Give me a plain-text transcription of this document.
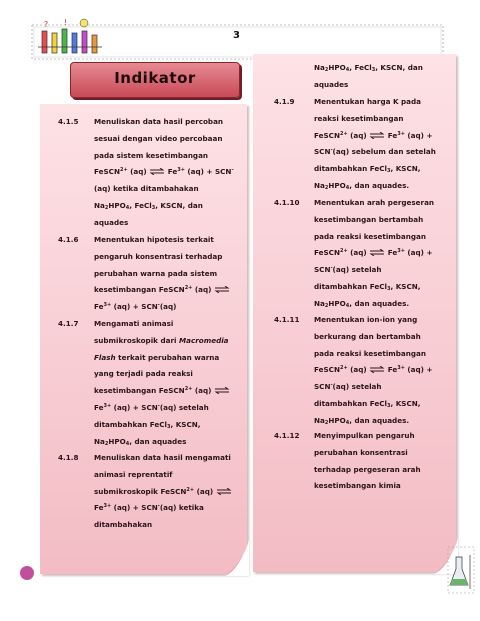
? !
3
Indikator
4.1.5 Menuliskan data hasil percoban
sesuai dengan video percobaan
pada sistem kesetimbangan
FeSCN$^{2+}$ (aq) ⇌ $Fe^{3+}$ (aq) + SCN-
(aq) ketika ditambahakan
$Na_2HPO_4$, FeCl$_3$, KSCN, dan
aquades
4.1.6 Menentukan hipotesis terkait
pengaruh konsentrasi terhadap
perubahan warna pada sistem
kesetimbangan FeSCN$^{2+}$ (aq) ⇌
$Fe^{3+}$ (aq) + SCN-(aq)
4.1.7 Mengamati animasi
submikroskopik dari Macromedia
Flash terkait perubahan warna
yang terjadi pada reaksi
kesetimbangan FeSCN$^{2+}$ (aq) ⇌
$Fe^{3+}$ (aq) + SCN-(aq) setelah
ditambahkan FeCl$_3$, KSCN,
$Na_2HPO_4$, dan aquades
4.1.8 Menuliskan data hasil mengamati
animasi reprentatif
submikroskopik FeSCN$^{2+}$ (aq) ⇌
$Fe^{3+}$ (aq) + SCN-(aq) ketika
ditambahakan
$Na_2HPO_4$, FeCl$_3$, KSCN, dan
aquades
4.1.9	Menentukan harga K pada
reaksi kesetimbangan
FeSCN$^{2+}$ (aq) ⇌ $Fe^{3+}$ (aq) +
SCN-(aq) sebelum dan setelah
ditambahkan FeCl$_3$, KSCN,
$Na_2HPO_4$, dan aquades.
4.1.10 Menentukan arah pergeseran
kesetimbangan bertambah
pada reaksi kesetimbangan
FeSCN$^{2+}$ (aq) ⇌ $Fe^{3+}$ (aq) +
SCN-(aq) setelah
ditambahkan FeCl$_3$, KSCN,
$Na_2HPO_4$, dan aquades.
4.1.11 Menentukan ion-ion yang
berkurang dan bertambah
pada reaksi kesetimbangan
FeSCN$^{2+}$ (aq) ⇌ $Fe^{3+}$ (aq) +
SCN-(aq) setelah
ditambahkan FeCl$_3$, KSCN,
$Na_2HPO_4$, dan aquades.
4.1.12 Menyimpulkan pengaruh
perubahan konsentrasi
terhadap pergeseran arah
kesetimbangan kimia
